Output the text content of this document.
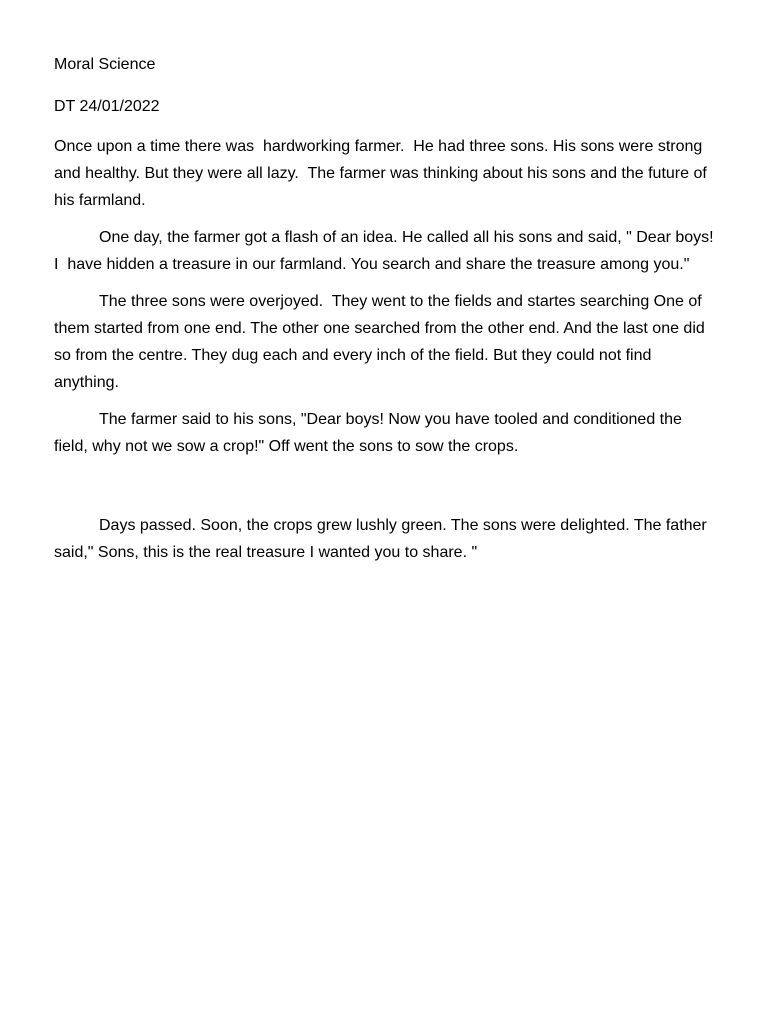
Moral Science

DT 24/01/2022

Once upon a time there was  hardworking farmer.  He had three sons. His sons were strong and healthy. But they were all lazy.  The farmer was thinking about his sons and the future of his farmland.

One day, the farmer got a flash of an idea. He called all his sons and said, " Dear boys! I  have hidden a treasure in our farmland. You search and share the treasure among you."

The three sons were overjoyed.  They went to the fields and startes searching One of them started from one end. The other one searched from the other end. And the last one did so from the centre. They dug each and every inch of the field. But they could not find anything.

The farmer said to his sons, "Dear boys! Now you have tooled and conditioned the field, why not we sow a crop!" Off went the sons to sow the crops.

Days passed. Soon, the crops grew lushly green. The sons were delighted. The father said," Sons, this is the real treasure I wanted you to share. "
